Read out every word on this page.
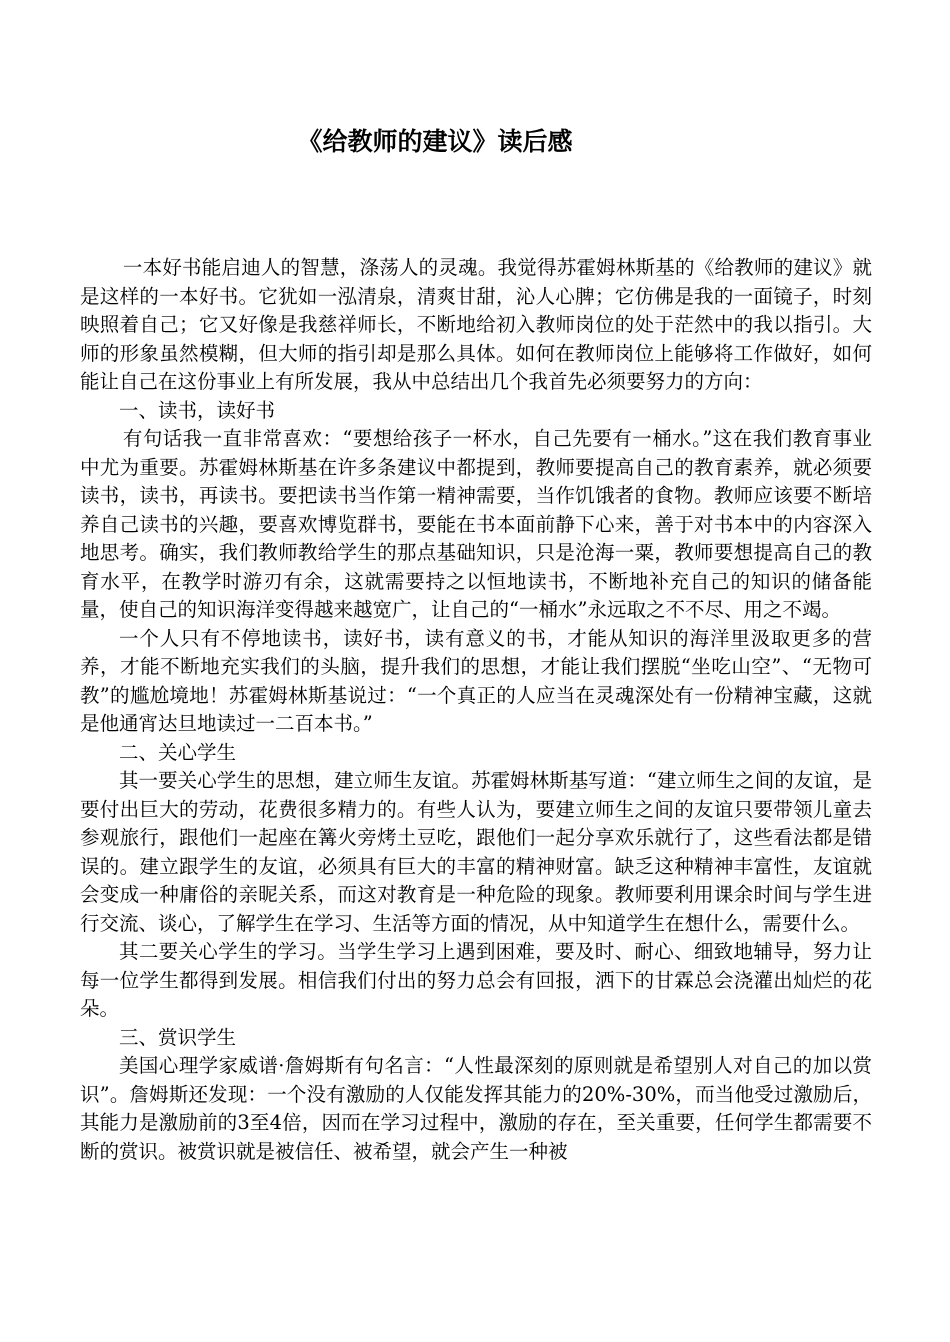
《给教师的建议》读后感

一本好书能启迪人的智慧，涤荡人的灵魂。我觉得苏霍姆林斯基的《给教师的建议》就是这样的一本好书。它犹如一泓清泉，清爽甘甜，沁人心脾；它仿佛是我的一面镜子，时刻映照着自己；它又好像是我慈祥师长，不断地给初入教师岗位的处于茫然中的我以指引。大师的形象虽然模糊，但大师的指引却是那么具体。如何在教师岗位上能够将工作做好，如何能让自己在这份事业上有所发展，我从中总结出几个我首先必须要努力的方向：

一、读书，读好书

有句话我一直非常喜欢：“要想给孩子一杯水，自己先要有一桶水。”这在我们教育事业中尤为重要。苏霍姆林斯基在许多条建议中都提到，教师要提高自己的教育素养，就必须要读书，读书，再读书。要把读书当作第一精神需要，当作饥饿者的食物。教师应该要不断培养自己读书的兴趣，要喜欢博览群书，要能在书本面前静下心来，善于对书本中的内容深入地思考。确实，我们教师教给学生的那点基础知识，只是沧海一粟，教师要想提高自己的教育水平，在教学时游刃有余，这就需要持之以恒地读书，不断地补充自己的知识的储备能量，使自己的知识海洋变得越来越宽广，让自己的“一桶水”永远取之不不尽、用之不竭。

一个人只有不停地读书，读好书，读有意义的书，才能从知识的海洋里汲取更多的营养，才能不断地充实我们的头脑，提升我们的思想，才能让我们摆脱“坐吃山空”、“无物可教”的尴尬境地！苏霍姆林斯基说过：“一个真正的人应当在灵魂深处有一份精神宝藏，这就是他通宵达旦地读过一二百本书。”

二、关心学生

其一要关心学生的思想，建立师生友谊。苏霍姆林斯基写道：“建立师生之间的友谊，是要付出巨大的劳动，花费很多精力的。有些人认为，要建立师生之间的友谊只要带领儿童去参观旅行，跟他们一起座在篝火旁烤土豆吃，跟他们一起分享欢乐就行了，这些看法都是错误的。建立跟学生的友谊，必须具有巨大的丰富的精神财富。缺乏这种精神丰富性，友谊就会变成一种庸俗的亲昵关系，而这对教育是一种危险的现象。教师要利用课余时间与学生进行交流、谈心，了解学生在学习、生活等方面的情况，从中知道学生在想什么，需要什么。

其二要关心学生的学习。当学生学习上遇到困难，要及时、耐心、细致地辅导，努力让每一位学生都得到发展。相信我们付出的努力总会有回报，洒下的甘霖总会浇灌出灿烂的花朵。

三、赏识学生

美国心理学家威谱·詹姆斯有句名言：“人性最深刻的原则就是希望别人对自己的加以赏识”。詹姆斯还发现：一个没有激励的人仅能发挥其能力的20%-30%，而当他受过激励后，其能力是激励前的3至4倍，因而在学习过程中，激励的存在，至关重要，任何学生都需要不断的赏识。被赏识就是被信任、被希望，就会产生一种被
